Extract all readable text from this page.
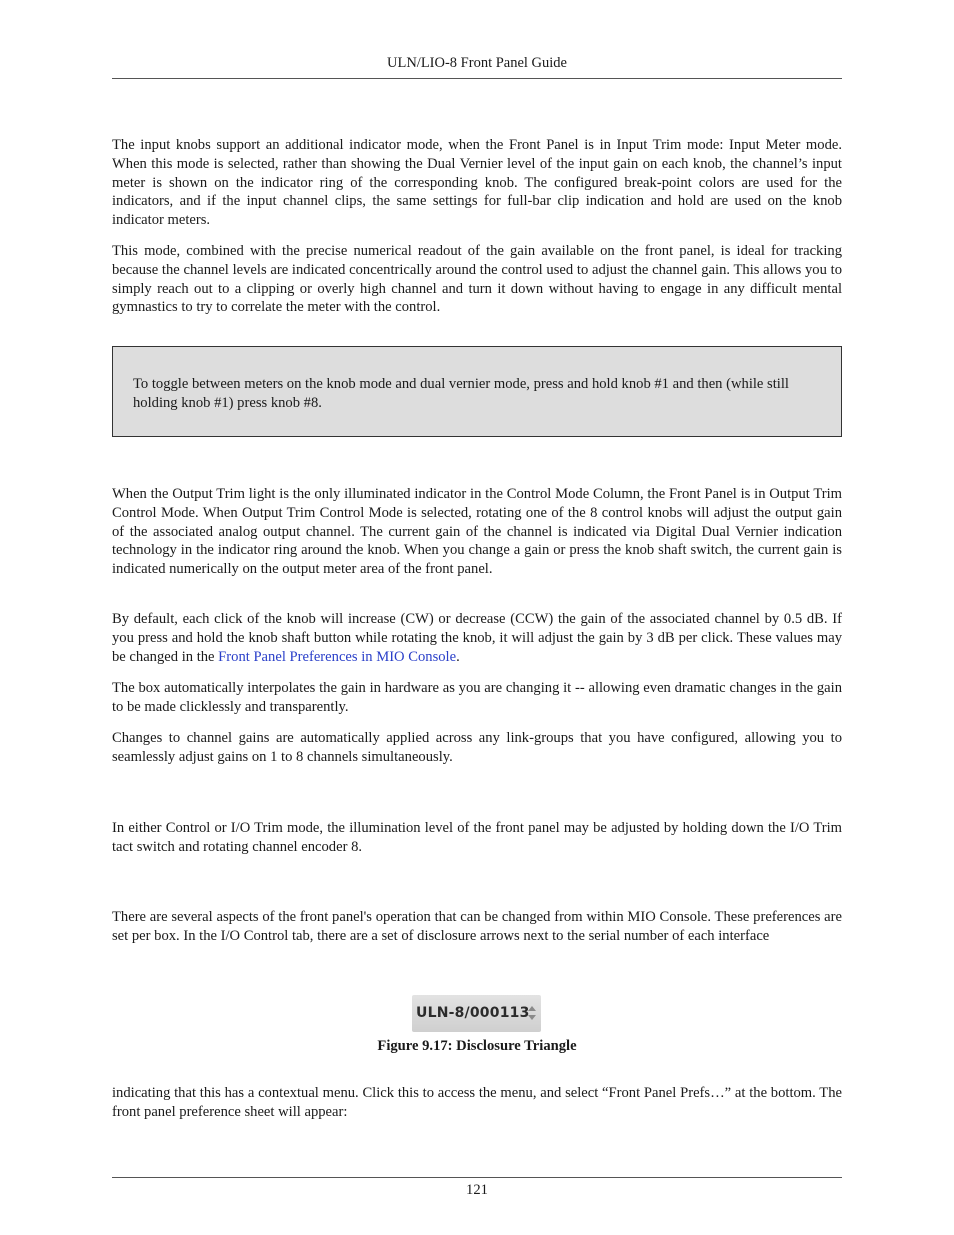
ULN/LIO-8 Front Panel Guide

The input knobs support an additional indicator mode, when the Front Panel is in Input Trim mode: Input Meter mode. When this mode is selected, rather than showing the Dual Vernier level of the input gain on each knob, the channel’s input meter is shown on the indicator ring of the corresponding knob. The configured break-point colors are used for the indicators, and if the input channel clips, the same settings for full-bar clip indication and hold are used on the knob indicator meters.

This mode, combined with the precise numerical readout of the gain available on the front panel, is ideal for tracking because the channel levels are indicated concentrically around the control used to adjust the channel gain. This allows you to simply reach out to a clipping or overly high channel and turn it down without having to engage in any difficult mental gymnastics to try to correlate the meter with the control.

To toggle between meters on the knob mode and dual vernier mode, press and hold knob #1 and then (while still holding knob #1) press knob #8.

When the Output Trim light is the only illuminated indicator in the Control Mode Column, the Front Panel is in Output Trim Control Mode. When Output Trim Control Mode is selected, rotating one of the 8 control knobs will adjust the output gain of the associated analog output channel. The current gain of the channel is indicated via Digital Dual Vernier indication technology in the indicator ring around the knob. When you change a gain or press the knob shaft switch, the current gain is indicated numerically on the output meter area of the front panel.

By default, each click of the knob will increase (CW) or decrease (CCW) the gain of the associated channel by 0.5 dB. If you press and hold the knob shaft button while rotating the knob, it will adjust the gain by 3 dB per click. These values may be changed in the Front Panel Preferences in MIO Console.

The box automatically interpolates the gain in hardware as you are changing it -- allowing even dramatic changes in the gain to be made clicklessly and transparently.

Changes to channel gains are automatically applied across any link-groups that you have configured, allowing you to seamlessly adjust gains on 1 to 8 channels simultaneously.

In either Control or I/O Trim mode, the illumination level of the front panel may be adjusted by holding down the I/O Trim tact switch and rotating channel encoder 8.

There are several aspects of the front panel's operation that can be changed from within MIO Console. These preferences are set per box. In the I/O Control tab, there are a set of disclosure arrows next to the serial number of each interface

ULN-8/000113
Figure 9.17: Disclosure Triangle

indicating that this has a contextual menu. Click this to access the menu, and select “Front Panel Prefs…” at the bottom. The front panel preference sheet will appear:

121
